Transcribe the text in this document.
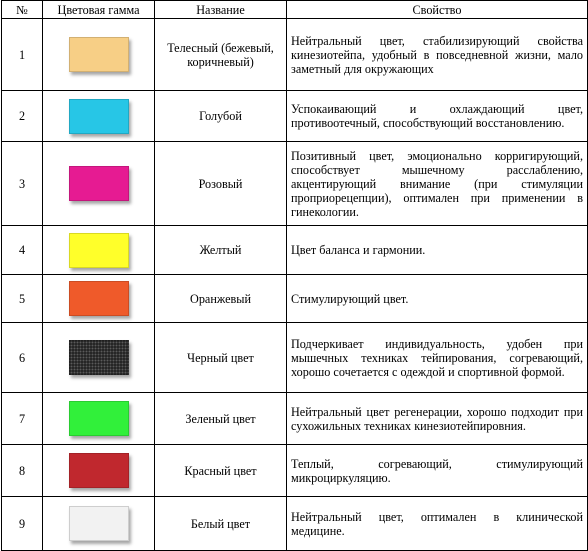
№	Цветовая гамма	Название	Свойство
1		Телесный (бежевый, коричневый)	Нейтральный цвет, стабилизирующий свойства кинезиотейпа, удобный в повседневной жизни, мало заметный для окружающих
2		Голубой	Успокаивающий и охлаждающий цвет, противоотечный, способствующий восстановлению.
3		Розовый	Позитивный цвет, эмоционально корригирующий, способствует мышечному расслаблению, акцентирующий внимание (при стимуляции проприорецепции), оптимален при применении в гинекологии.
4		Желтый	Цвет баланса и гармонии.
5		Оранжевый	Стимулирующий цвет.
6		Черный цвет	Подчеркивает индивидуальность, удобен при мышечных техниках тейпирования, согревающий, хорошо сочетается с одеждой и спортивной формой.
7		Зеленый цвет	Нейтральный цвет регенерации, хорошо подходит при сухожильных техниках кинезиотейпировния.
8		Красный цвет	Теплый, согревающий, стимулирующий микроциркуляцию.
9		Белый цвет	Нейтральный цвет, оптимален в клинической медицине.
